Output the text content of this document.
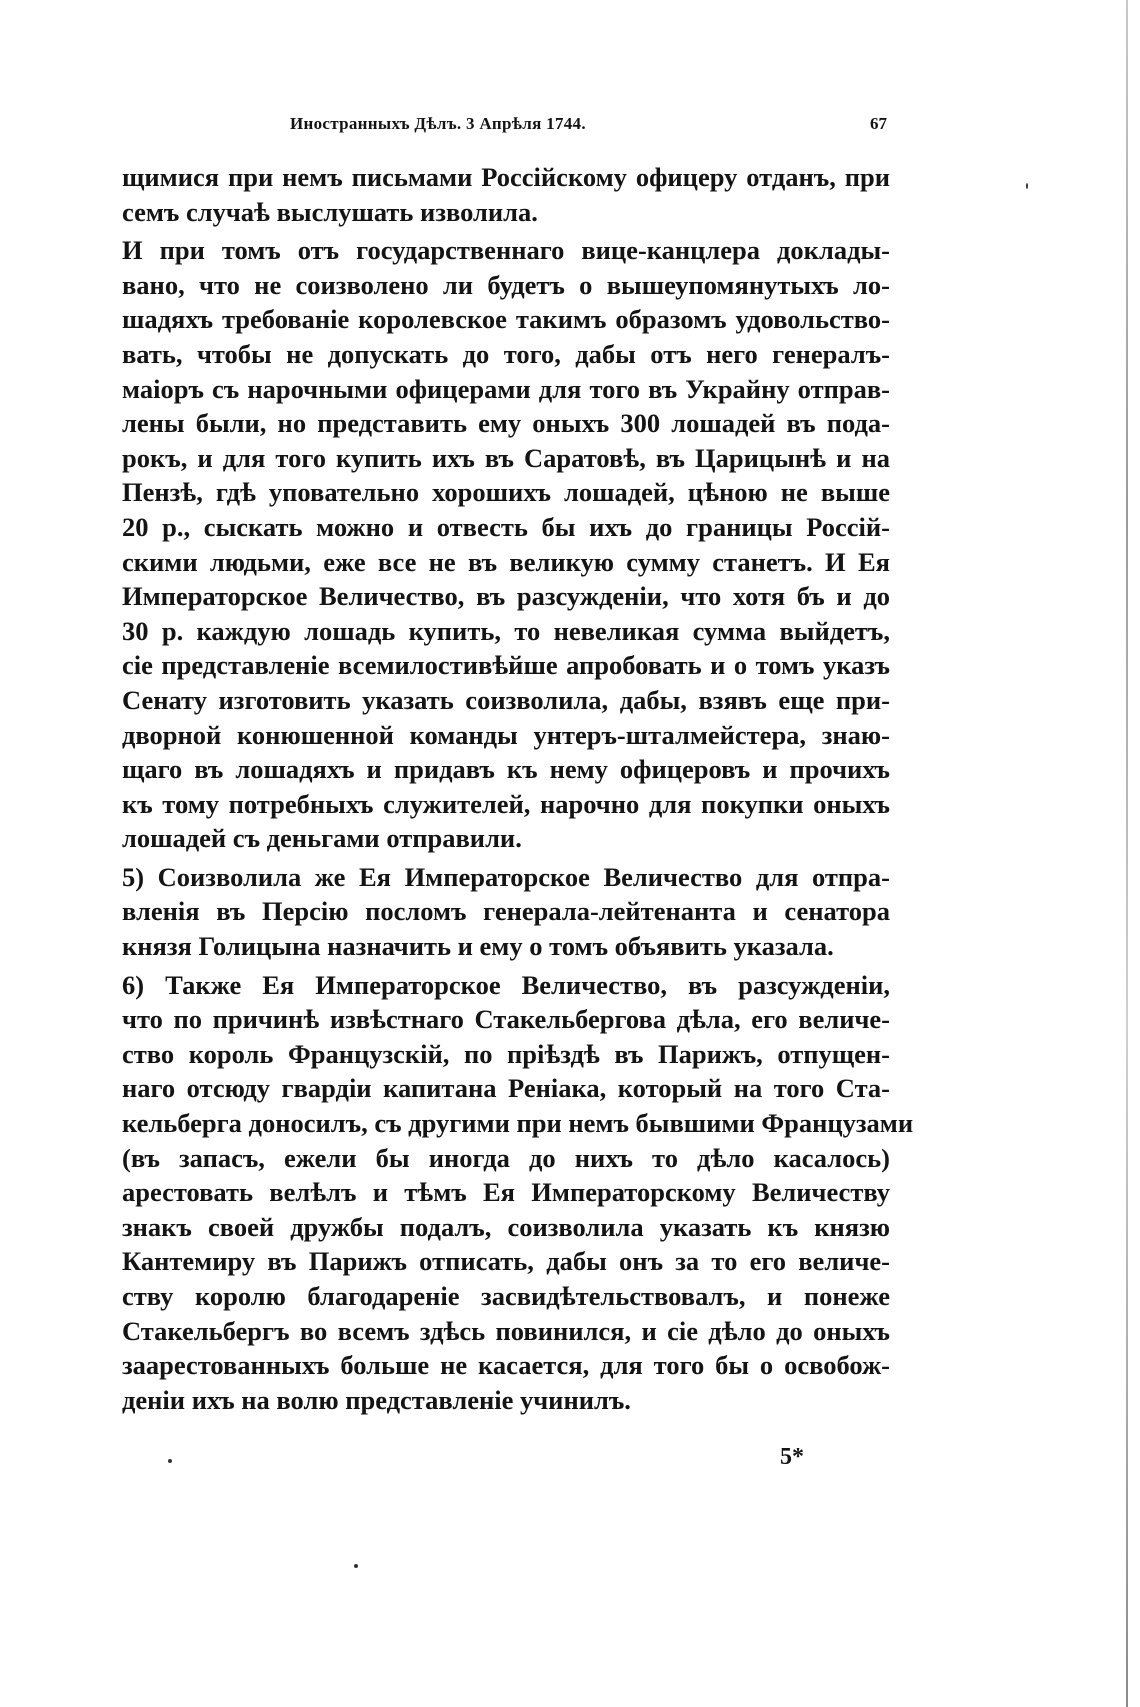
Иностранныхъ Дѣлъ. 3 Апрѣля 1744.	67
щимися при немъ письмами Россійскому офицеру отданъ, при
семъ случаѣ выслушать изволила.
И при томъ отъ государственнаго вице-канцлера доклады-
вано, что не соизволено ли будетъ о вышеупомянутыхъ ло-
шадяхъ требованіе королевское такимъ образомъ удовольство-
вать, чтобы не допускать до того, дабы отъ него генералъ-
маіоръ съ нарочными офицерами для того въ Украйну отправ-
лены были, но представить ему оныхъ 300 лошадей въ пода-
рокъ, и для того купить ихъ въ Саратовѣ, въ Царицынѣ и на
Пензѣ, гдѣ уповательно хорошихъ лошадей, цѣною не выше
20 р., сыскать можно и отвесть бы ихъ до границы Россій-
скими людьми, еже все не въ великую сумму станетъ. И Ея
Императорское Величество, въ разсужденіи, что хотя бъ и до
30 р. каждую лошадь купить, то невеликая сумма выйдетъ,
сіе представленіе всемилостивѣйше апробовать и о томъ указъ
Сенату изготовить указать соизволила, дабы, взявъ еще при-
дворной конюшенной команды унтеръ-шталмейстера, знаю-
щаго въ лошадяхъ и придавъ къ нему офицеровъ и прочихъ
къ тому потребныхъ служителей, нарочно для покупки оныхъ
лошадей съ деньгами отправили.
5) Соизволила же Ея Императорское Величество для отпра-
вленія въ Персію посломъ генерала-лейтенанта и сенатора
князя Голицына назначить и ему о томъ объявить указала.
6) Также Ея Императорское Величество, въ разсужденіи,
что по причинѣ извѣстнаго Стакельбергова дѣла, его величе-
ство король Французскій, по пріѣздѣ въ Парижъ, отпущен-
наго отсюду гвардіи капитана Реніака, который на того Ста-
кельберга доносилъ, съ другими при немъ бывшими Французами
(въ запасъ, ежели бы иногда до нихъ то дѣло касалось)
арестовать велѣлъ и тѣмъ Ея Императорскому Величеству
знакъ своей дружбы подалъ, соизволила указать къ князю
Кантемиру въ Парижъ отписать, дабы онъ за то его величе-
ству королю благодареніе засвидѣтельствовалъ, и понеже
Стакельбергъ во всемъ здѣсь повинился, и сіе дѣло до оныхъ
заарестованныхъ больше не касается, для того бы о освобож-
деніи ихъ на волю представленіе учинилъ.
5*
